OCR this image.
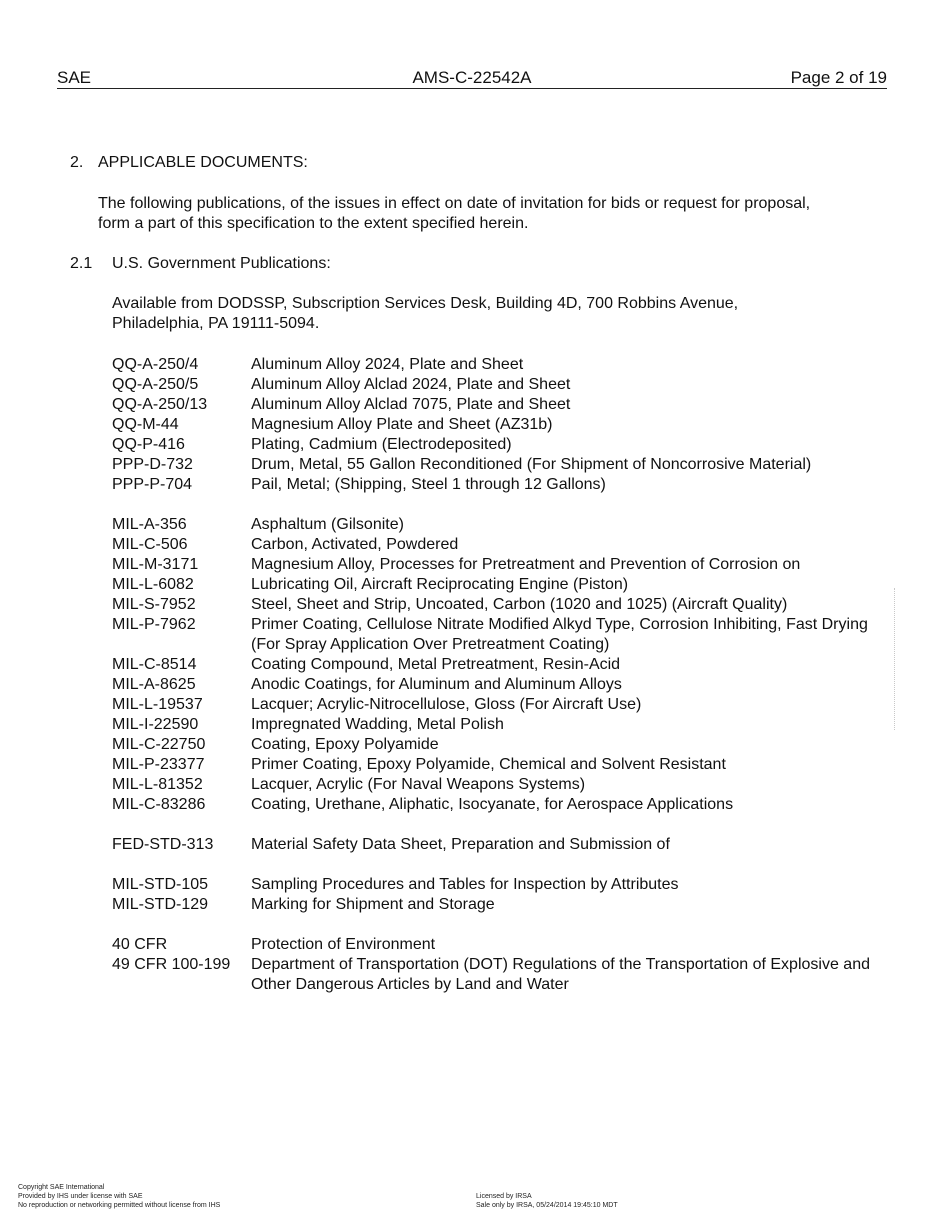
SAE	AMS-C-22542A	Page 2 of 19
2. APPLICABLE DOCUMENTS:
The following publications, of the issues in effect on date of invitation for bids or request for proposal,
form a part of this specification to the extent specified herein.
2.1 U.S. Government Publications:
Available from DODSSP, Subscription Services Desk, Building 4D, 700 Robbins Avenue,
Philadelphia, PA 19111-5094.
QQ-A-250/4	Aluminum Alloy 2024, Plate and Sheet
QQ-A-250/5	Aluminum Alloy Alclad 2024, Plate and Sheet
QQ-A-250/13	Aluminum Alloy Alclad 7075, Plate and Sheet
QQ-M-44	Magnesium Alloy Plate and Sheet (AZ31b)
QQ-P-416	Plating, Cadmium (Electrodeposited)
PPP-D-732	Drum, Metal, 55 Gallon Reconditioned (For Shipment of Noncorrosive Material)
PPP-P-704	Pail, Metal; (Shipping, Steel 1 through 12 Gallons)
MIL-A-356	Asphaltum (Gilsonite)
MIL-C-506	Carbon, Activated, Powdered
MIL-M-3171	Magnesium Alloy, Processes for Pretreatment and Prevention of Corrosion on
MIL-L-6082	Lubricating Oil, Aircraft Reciprocating Engine (Piston)
MIL-S-7952	Steel, Sheet and Strip, Uncoated, Carbon (1020 and 1025) (Aircraft Quality)
MIL-P-7962	Primer Coating, Cellulose Nitrate Modified Alkyd Type, Corrosion Inhibiting, Fast Drying (For Spray Application Over Pretreatment Coating)
MIL-C-8514	Coating Compound, Metal Pretreatment, Resin-Acid
MIL-A-8625	Anodic Coatings, for Aluminum and Aluminum Alloys
MIL-L-19537	Lacquer; Acrylic-Nitrocellulose, Gloss (For Aircraft Use)
MIL-I-22590	Impregnated Wadding, Metal Polish
MIL-C-22750	Coating, Epoxy Polyamide
MIL-P-23377	Primer Coating, Epoxy Polyamide, Chemical and Solvent Resistant
MIL-L-81352	Lacquer, Acrylic (For Naval Weapons Systems)
MIL-C-83286	Coating, Urethane, Aliphatic, Isocyanate, for Aerospace Applications
FED-STD-313	Material Safety Data Sheet, Preparation and Submission of
MIL-STD-105	Sampling Procedures and Tables for Inspection by Attributes
MIL-STD-129	Marking for Shipment and Storage
40 CFR	Protection of Environment
49 CFR 100-199	Department of Transportation (DOT) Regulations of the Transportation of Explosive and Other Dangerous Articles by Land and Water
Copyright SAE International
Provided by IHS under license with SAE
No reproduction or networking permitted without license from IHS
Licensed by IRSA
Sale only by IRSA, 05/24/2014 19:45:10 MDT
